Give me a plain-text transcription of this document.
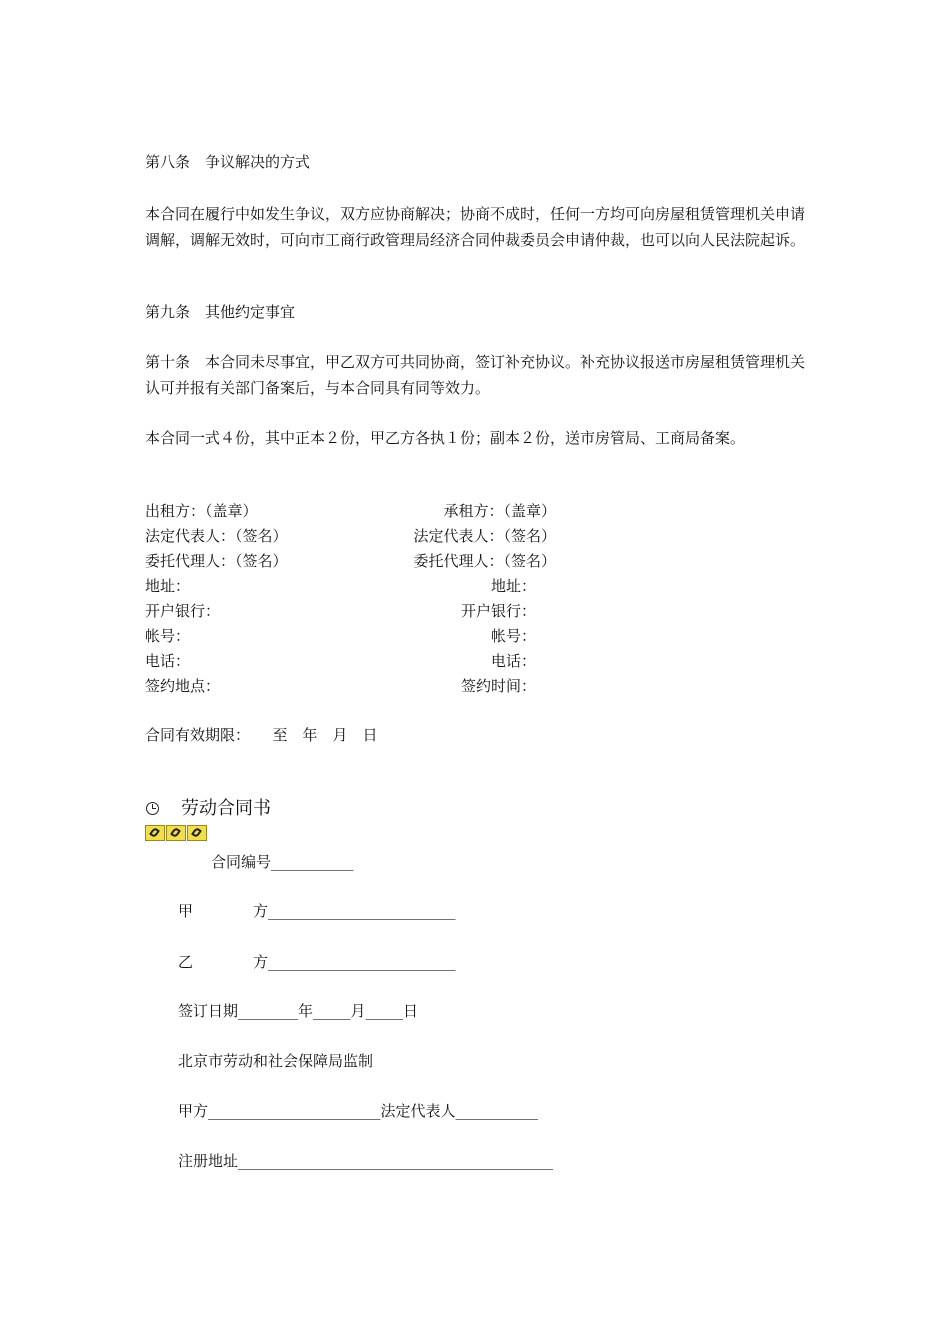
第八条　争议解决的方式
本合同在履行中如发生争议，双方应协商解决；协商不成时，任何一方均可向房屋租赁管理机关申请调解，调解无效时，可向市工商行政管理局经济合同仲裁委员会申请仲裁，也可以向人民法院起诉。
第九条　其他约定事宜
第十条　本合同未尽事宜，甲乙双方可共同协商，签订补充协议。补充协议报送市房屋租赁管理机关认可并报有关部门备案后，与本合同具有同等效力。
本合同一式４份，其中正本２份，甲乙方各执１份；副本２份，送市房管局、工商局备案。
出租方：（盖章）
法定代表人：（签名）
委托代理人：（签名）
地址：
开户银行：
帐号：
电话：
签约地点：
承租方：（盖章）
法定代表人：（签名）
委托代理人：（签名）
地址：
开户银行：
帐号：
电话：
签约时间：
合同有效期限：　　至　年　月　日
劳动合同书
合同编号___________
甲　　　　方_________________________
乙　　　　方_________________________
签订日期________年_____月_____日
北京市劳动和社会保障局监制
甲方_______________________法定代表人___________
注册地址__________________________________________
